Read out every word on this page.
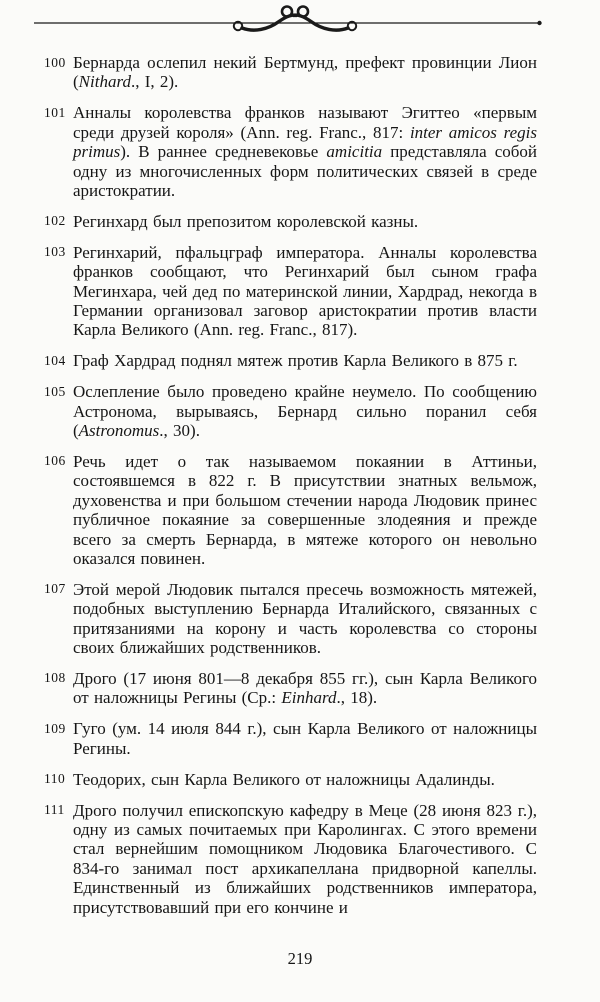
100 Бернарда ослепил некий Бертмунд, префект провинции Лион (Nithard., I, 2).
101 Анналы королевства франков называют Эгиттео «первым среди друзей короля» (Ann. reg. Franc., 817: inter amicos regis primus). В раннее средневековье amicitia представляла собой одну из многочисленных форм политических связей в среде аристократии.
102 Регинхард был препозитом королевской казны.
103 Регинхарий, пфальцграф императора. Анналы королевства франков сообщают, что Регинхарий был сыном графа Мегинхара, чей дед по материнской линии, Хардрад, некогда в Германии организовал заговор аристократии против власти Карла Великого (Ann. reg. Franc., 817).
104 Граф Хардрад поднял мятеж против Карла Великого в 875 г.
105 Ослепление было проведено крайне неумело. По сообщению Астронома, вырываясь, Бернард сильно поранил себя (Astronomus., 30).
106 Речь идет о так называемом покаянии в Аттиньи, состоявшемся в 822 г. В присутствии знатных вельмож, духовенства и при большом стечении народа Людовик принес публичное покаяние за совершенные злодеяния и прежде всего за смерть Бернарда, в мятеже которого он невольно оказался повинен.
107 Этой мерой Людовик пытался пресечь возможность мятежей, подобных выступлению Бернарда Италийского, связанных с притязаниями на корону и часть королевства со стороны своих ближайших родственников.
108 Дрого (17 июня 801—8 декабря 855 гг.), сын Карла Великого от наложницы Регины (Ср.: Einhard., 18).
109 Гуго (ум. 14 июля 844 г.), сын Карла Великого от наложницы Регины.
110 Теодорих, сын Карла Великого от наложницы Адалинды.
111 Дрого получил епископскую кафедру в Меце (28 июня 823 г.), одну из самых почитаемых при Каролингах. С этого времени стал вернейшим помощником Людовика Благочестивого. С 834-го занимал пост архикапеллана придворной капеллы. Единственный из ближайших родственников императора, присутствовавший при его кончине и
219
